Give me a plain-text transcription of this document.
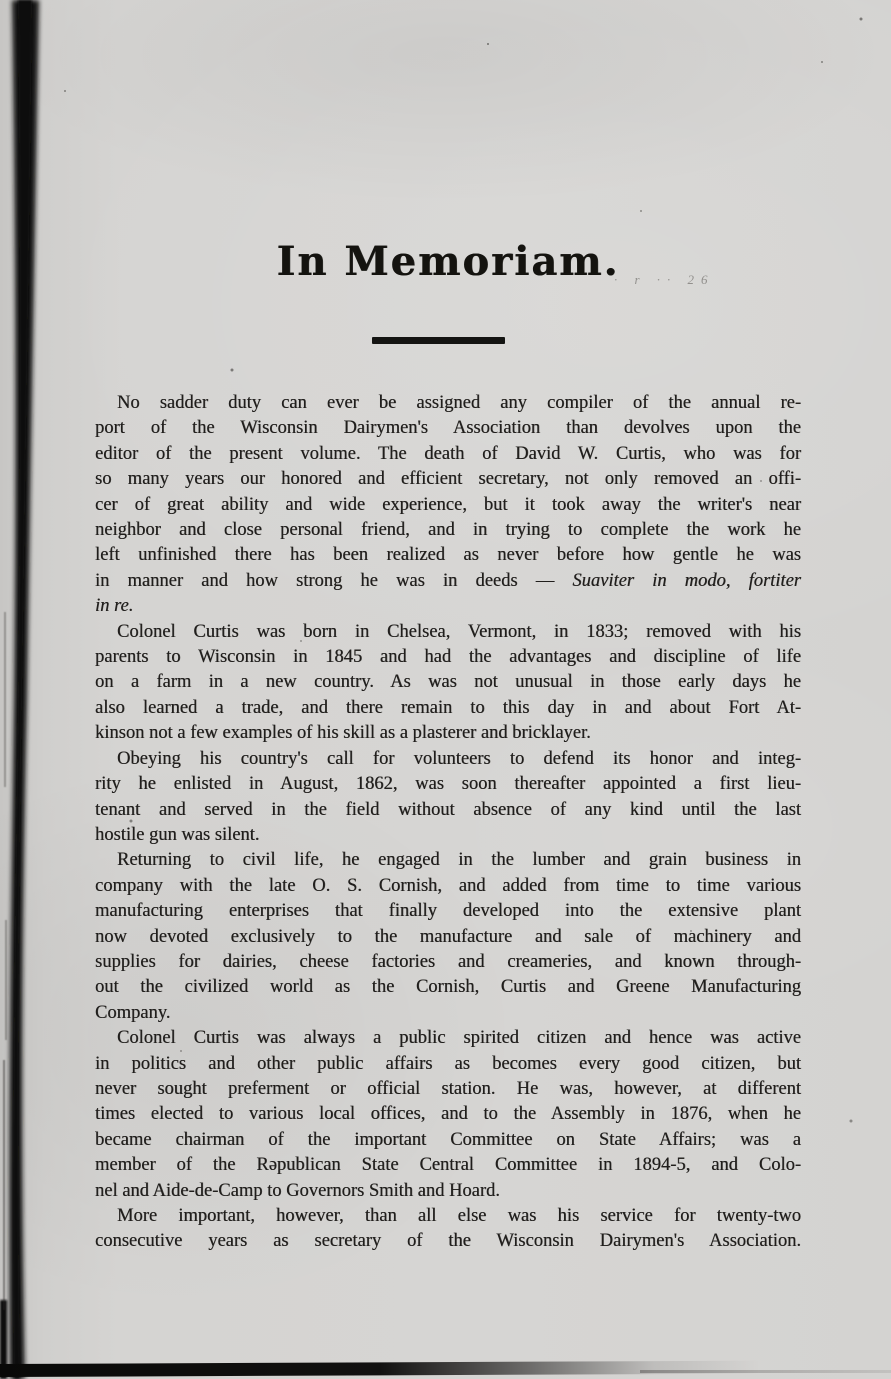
In Memoriam.
· r ·· 26
No sadder duty can ever be assigned any compiler of the annual re-
port of the Wisconsin Dairymen's Association than devolves upon the
editor of the present volume. The death of David W. Curtis, who was for
so many years our honored and efficient secretary, not only removed an offi-
cer of great ability and wide experience, but it took away the writer's near
neighbor and close personal friend, and in trying to complete the work he
left unfinished there has been realized as never before how gentle he was
in manner and how strong he was in deeds — Suaviter in modo, fortiter
in re.
Colonel Curtis was born in Chelsea, Vermont, in 1833; removed with his
parents to Wisconsin in 1845 and had the advantages and discipline of life
on a farm in a new country. As was not unusual in those early days he
also learned a trade, and there remain to this day in and about Fort At-
kinson not a few examples of his skill as a plasterer and bricklayer.
Obeying his country's call for volunteers to defend its honor and integ-
rity he enlisted in August, 1862, was soon thereafter appointed a first lieu-
tenant and served in the field without absence of any kind until the last
hostile gun was silent.
Returning to civil life, he engaged in the lumber and grain business in
company with the late O. S. Cornish, and added from time to time various
manufacturing enterprises that finally developed into the extensive plant
now devoted exclusively to the manufacture and sale of machinery and
supplies for dairies, cheese factories and creameries, and known through-
out the civilized world as the Cornish, Curtis and Greene Manufacturing
Company.
Colonel Curtis was always a public spirited citizen and hence was active
in politics and other public affairs as becomes every good citizen, but
never sought preferment or official station. He was, however, at different
times elected to various local offices, and to the Assembly in 1876, when he
became chairman of the important Committee on State Affairs; was a
member of the Rəpublican State Central Committee in 1894-5, and Colo-
nel and Aide-de-Camp to Governors Smith and Hoard.
More important, however, than all else was his service for twenty-two
consecutive years as secretary of the Wisconsin Dairymen's Association.
